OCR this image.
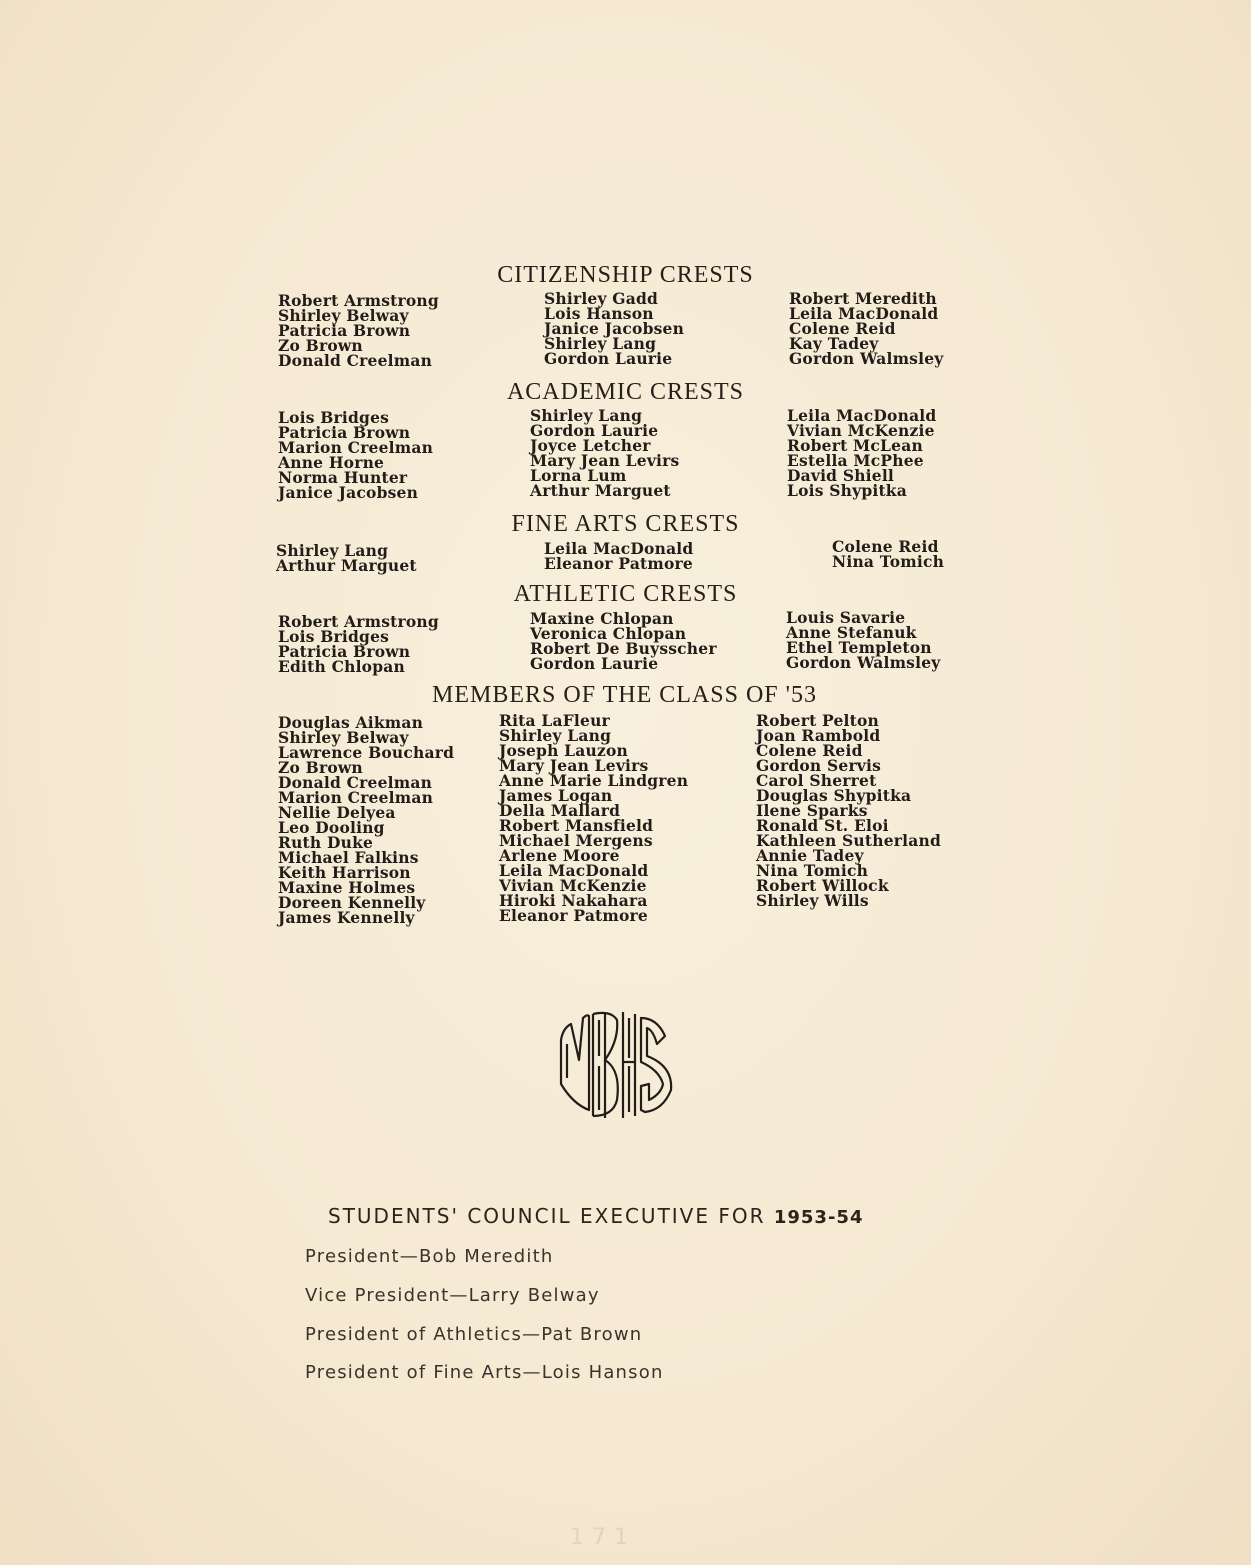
CITIZENSHIP CRESTS
Robert Armstrong
Shirley Belway
Patricia Brown
Zo Brown
Donald Creelman
Shirley Gadd
Lois Hanson
Janice Jacobsen
Shirley Lang
Gordon Laurie
Robert Meredith
Leila MacDonald
Colene Reid
Kay Tadey
Gordon Walmsley
ACADEMIC CRESTS
Lois Bridges
Patricia Brown
Marion Creelman
Anne Horne
Norma Hunter
Janice Jacobsen
Shirley Lang
Gordon Laurie
Joyce Letcher
Mary Jean Levirs
Lorna Lum
Arthur Marguet
Leila MacDonald
Vivian McKenzie
Robert McLean
Estella McPhee
David Shiell
Lois Shypitka
FINE ARTS CRESTS
Shirley Lang
Arthur Marguet
Leila MacDonald
Eleanor Patmore
Colene Reid
Nina Tomich
ATHLETIC CRESTS
Robert Armstrong
Lois Bridges
Patricia Brown
Edith Chlopan
Maxine Chlopan
Veronica Chlopan
Robert De Buysscher
Gordon Laurie
Louis Savarie
Anne Stefanuk
Ethel Templeton
Gordon Walmsley
MEMBERS OF THE CLASS OF '53
Douglas Aikman
Shirley Belway
Lawrence Bouchard
Zo Brown
Donald Creelman
Marion Creelman
Nellie Delyea
Leo Dooling
Ruth Duke
Michael Falkins
Keith Harrison
Maxine Holmes
Doreen Kennelly
James Kennelly
Rita LaFleur
Shirley Lang
Joseph Lauzon
Mary Jean Levirs
Anne Marie Lindgren
James Logan
Della Mallard
Robert Mansfield
Michael Mergens
Arlene Moore
Leila MacDonald
Vivian McKenzie
Hiroki Nakahara
Eleanor Patmore
Robert Pelton
Joan Rambold
Colene Reid
Gordon Servis
Carol Sherret
Douglas Shypitka
Ilene Sparks
Ronald St. Eloi
Kathleen Sutherland
Annie Tadey
Nina Tomich
Robert Willock
Shirley Wills
STUDENTS' COUNCIL EXECUTIVE FOR 1953-54

President—Bob Meredith

Vice President—Larry Belway

President of Athletics—Pat Brown

President of Fine Arts—Lois Hanson

171
